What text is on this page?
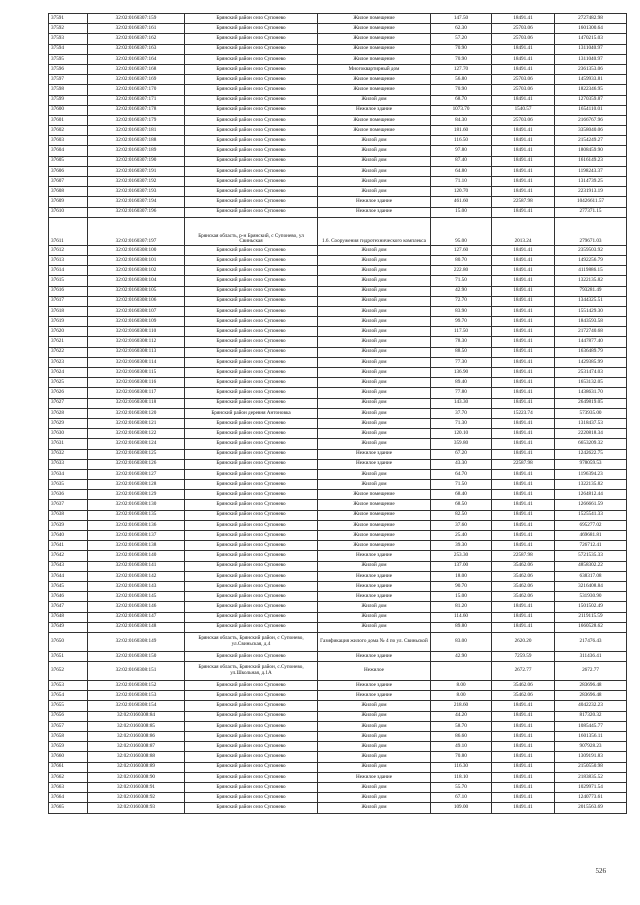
37591	32:02:0160307:159	Брянский район село Супонево	Жилое помещение	147.50	18491.41	2727482.98
37592	32:02:0160307:161	Брянский район село Супонево	Жилое помещение	62.30	25703.06	1601300.64
37593	32:02:0160307:162	Брянский район село Супонево	Жилое помещение	57.20	25703.06	1470215.03
37594	32:02:0160307:163	Брянский район село Супонево	Жилое помещение	70.90	18491.41	1311040.97
37595	32:02:0160307:164	Брянский район село Супонево	Жилое помещение	70.90	18491.41	1311040.97
37596	32:02:0160307:168	Брянский район село Супонево	Многоквартирный дом	127.70	18491.41	2361353.06
37597	32:02:0160307:169	Брянский район село Супонево	Жилое помещение	56.80	25703.06	1459933.81
37598	32:02:0160307:170	Брянский район село Супонево	Жилое помещение	70.90	25703.06	1822346.95
37599	32:02:0160307:171	Брянский район село Супонево	Жилой дом	68.70	18491.41	1270359.87
37600	32:02:0160307:178	Брянский район село Супонево	Нежилое здание	1073.70	1540.57	1654110.01
37601	32:02:0160307:179	Брянский район село Супонево	Жилое помещение	84.30	25703.06	2166767.96
37602	32:02:0160307:181	Брянский район село Супонево	Жилое помещение	181.60	18491.41	3358040.06
37603	32:02:0160307:188	Брянский район село Супонево	Жилой дом	116.50	18491.41	2154249.27
37604	32:02:0160307:189	Брянский район село Супонево	Жилой дом	97.80	18491.41	1808459.90
37605	32:02:0160307:190	Брянский район село Супонево	Жилой дом	87.40	18491.41	1616149.23
37606	32:02:0160307:191	Брянский район село Супонево	Жилой дом	64.80	18491.41	1198243.37
37607	32:02:0160307:192	Брянский район село Супонево	Жилой дом	71.10	18491.41	1314739.25
37608	32:02:0160307:193	Брянский район село Супонево	Жилой дом	120.70	18491.41	2231913.19
37609	32:02:0160307:194	Брянский район село Супонево	Нежилое здание	461.60	22587.98	10426611.57
37610	32:02:0160307:196	Брянский район село Супонево	Нежилое здание	15.00	18491.41	277371.15
37611	32:02:0160307:197	Брянская область, р-н Брянский, с Супонево, ул Свиньская	1.6. Сооружения гидротехнического комплекса	95.00	2013.24	279671.03
37612	32:02:0160308:100	Брянский район село Супонево	Жилой дом	127.60	18491.41	2359503.92
37613	32:02:0160308:101	Брянский район село Супонево	Жилой дом	80.70	18491.41	1492256.79
37614	32:02:0160308:102	Брянский район село Супонево	Жилой дом	222.80	18491.41	4119886.15
37615	32:02:0160308:104	Брянский район село Супонево	Жилой дом	71.50	18491.41	1322135.82
37616	32:02:0160308:105	Брянский район село Супонево	Жилой дом	42.90	18491.41	793281.49
37617	32:02:0160308:106	Брянский район село Супонево	Жилой дом	72.70	18491.41	1344325.51
37618	32:02:0160308:107	Брянский район село Супонево	Жилой дом	83.90	18491.41	1551429.30
37619	32:02:0160308:109	Брянский район село Супонево	Жилой дом	99.70	18491.41	1843593.58
37620	32:02:0160308:110	Брянский район село Супонево	Жилой дом	117.50	18491.41	2172740.68
37621	32:02:0160308:112	Брянский район село Супонево	Жилой дом	78.30	18491.41	1447877.40
37622	32:02:0160308:113	Брянский район село Супонево	Жилой дом	88.50	18491.41	1636489.79
37623	32:02:0160308:114	Брянский район село Супонево	Жилой дом	77.30	18491.41	1429385.99
37624	32:02:0160308:115	Брянский район село Супонево	Жилой дом	136.90	18491.41	2531474.03
37625	32:02:0160308:116	Брянский район село Супонево	Жилой дом	89.40	18491.41	1653132.05
37626	32:02:0160308:117	Брянский район село Супонево	Жилой дом	77.80	18491.41	1438631.70
37627	32:02:0160308:118	Брянский район село Супонево	Жилой дом	143.30	18491.41	2649819.05
37628	32:02:0160308:120	Брянский район деревня Антоновка	Жилой дом	37.70	15223.74	573935.00
37629	32:02:0160308:121	Брянский район село Супонево	Жилой дом	71.30	18491.41	1318437.53
37630	32:02:0160308:122	Брянский район село Супонево	Жилой дом	120.10	18491.41	2220818.34
37631	32:02:0160308:124	Брянский район село Супонево	Жилой дом	359.80	18491.41	6653209.32
37632	32:02:0160308:125	Брянский район село Супонево	Нежилое здание	67.20	18491.41	1242622.75
37633	32:02:0160308:126	Брянский район село Супонево	Нежилое здание	43.30	22587.98	978059.53
37634	32:02:0160308:127	Брянский район село Супонево	Жилой дом	64.70	18491.41	1196394.23
37635	32:02:0160308:128	Брянский район село Супонево	Жилой дом	71.50	18491.41	1322135.82
37636	32:02:0160308:129	Брянский район село Супонево	Жилое помещение	68.40	18491.41	1264812.44
37637	32:02:0160308:130	Брянский район село Супонево	Жилое помещение	68.50	18491.41	1266661.59
37638	32:02:0160308:135	Брянский район село Супонево	Жилое помещение	82.50	18491.41	1525541.33
37639	32:02:0160308:136	Брянский район село Супонево	Жилое помещение	37.60	18491.41	695277.02
37640	32:02:0160308:137	Брянский район село Супонево	Жилое помещение	25.40	18491.41	469681.81
37641	32:02:0160308:138	Брянский район село Супонево	Жилое помещение	39.30	18491.41	726712.41
37642	32:02:0160308:140	Брянский район село Супонево	Нежилое здание	253.30	22587.98	5721535.33
37643	32:02:0160308:141	Брянский район село Супонево	Жилой дом	137.00	35462.06	4858302.22
37644	32:02:0160308:142	Брянский район село Супонево	Нежилое здание	18.00	35462.06	638317.08
37645	32:02:0160308:143	Брянский район село Супонево	Нежилое здание	90.70	35462.06	3216408.84
37646	32:02:0160308:145	Брянский район село Супонево	Нежилое здание	15.00	35462.06	531930.90
37647	32:02:0160308:146	Брянский район село Супонево	Жилой дом	81.20	18491.41	1501502.49
37648	32:02:0160308:147	Брянский район село Супонево	Жилой дом	114.60	18491.41	2119115.59
37649	32:02:0160308:148	Брянский район село Супонево	Жилой дом	89.80	18491.41	1660528.62
37650	32:02:0160308:149	Брянская область, Брянский район, с Супонево, ул.Свиньская, д.4	Газификация жилого дома № 4 по ул. Свиньской	83.00	2620.20	217476.43
37651	32:02:0160308:150	Брянский район село Супонево	Нежилое здание	42.90	7259.59	311436.41
37652	32:02:0160308:151	Брянская область, Брянский район, с.Супонево, ул.Школьная, д.1А	Нежилое		2672.77	2672.77
37653	32:02:0160308:152	Брянский район село Супонево	Нежилое здание	8.00	35462.06	283696.48
37654	32:02:0160308:153	Брянский район село Супонево	Нежилое здание	8.00	35462.06	283696.48
37655	32:02:0160308:154	Брянский район село Супонево	Жилой дом	218.60	18491.41	4042232.23
37656	32:02:0160308:84	Брянский район село Супонево	Жилой дом	44.20	18491.41	817320.32
37657	32:02:0160308:85	Брянский район село Супонево	Жилой дом	58.70	18491.41	1085445.77
37658	32:02:0160308:86	Брянский район село Супонево	Жилой дом	86.60	18491.41	1601356.11
37659	32:02:0160308:87	Брянский район село Супонево	Жилой дом	49.10	18491.41	907928.23
37660	32:02:0160308:88	Брянский район село Супонево	Жилой дом	70.80	18491.41	1309191.83
37661	32:02:0160308:89	Брянский район село Супонево	Жилой дом	116.30	18491.41	2150550.98
37662	32:02:0160308:90	Брянский район село Супонево	Нежилое здание	118.10	18491.41	2183835.52
37663	32:02:0160308:91	Брянский район село Супонево	Жилой дом	55.70	18491.41	1029971.54
37664	32:02:0160308:92	Брянский район село Супонево	Жилой дом	67.10	18491.41	1240773.61
37665	32:02:0160308:93	Брянский район село Супонево	Жилой дом	109.00	18491.41	2015563.69
526
